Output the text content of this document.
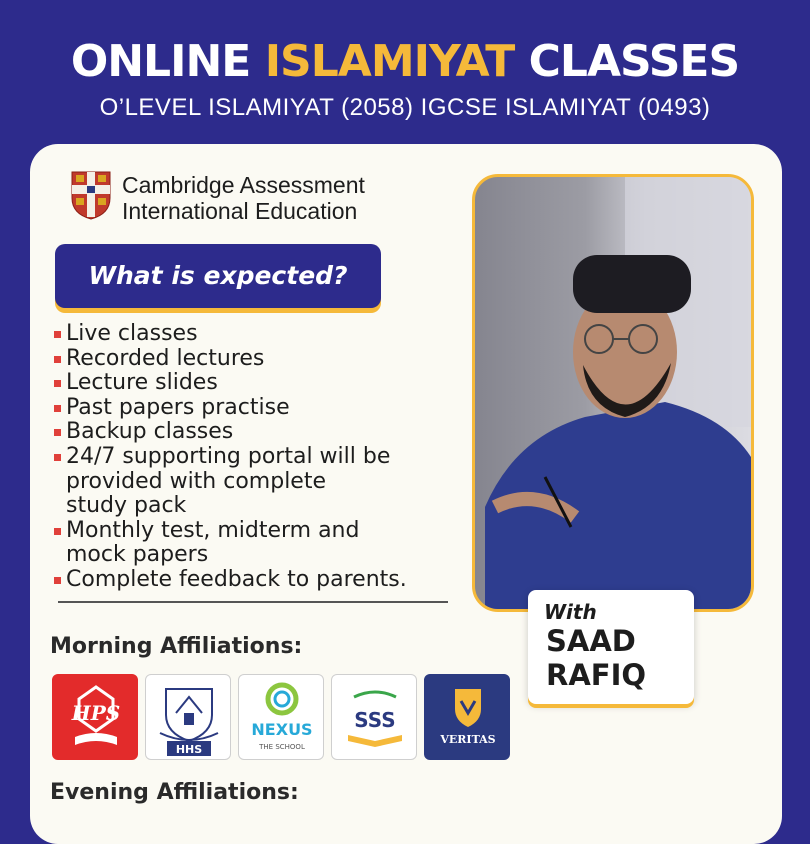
ONLINE ISLAMIYAT CLASSES
O’LEVEL ISLAMIYAT (2058) IGCSE ISLAMIYAT (0493)
Cambridge Assessment
International Education
What is expected?
Live classes
Recorded lectures
Lecture slides
Past papers practise
Backup classes
24/7 supporting portal will be
provided with complete
study pack
Monthly test, midterm and
mock papers
Complete feedback to parents.
Morning Affiliations:
HPS
HHS
NEXUS
THE SCHOOL
SSS
VERITAS
Evening Affiliations:
With
SAAD
RAFIQ
